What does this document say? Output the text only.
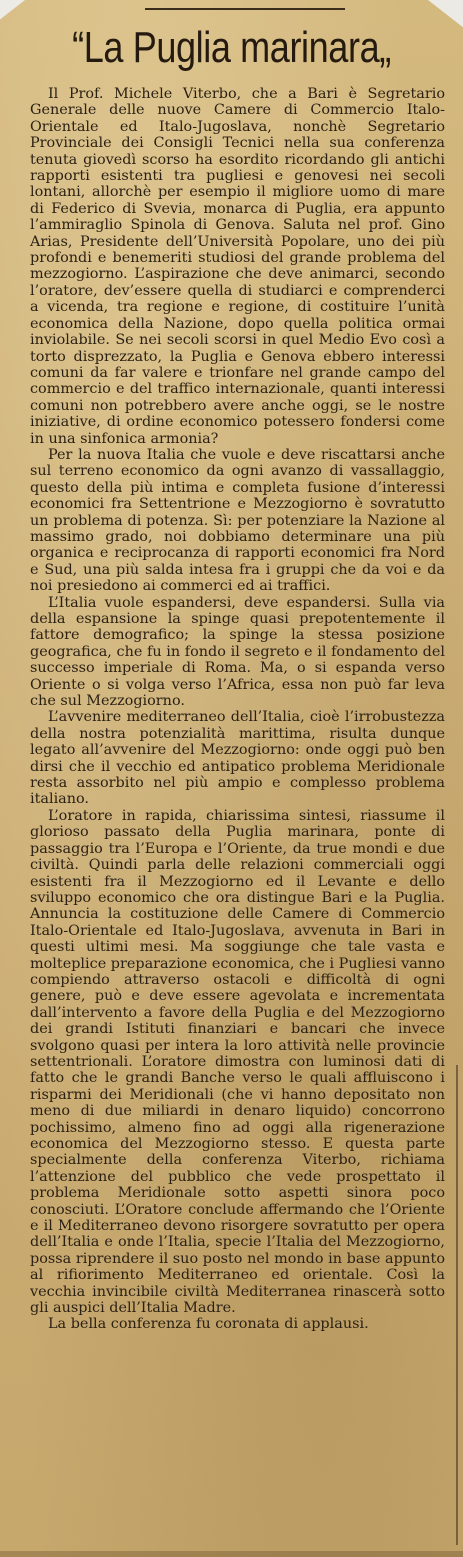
“La Puglia marinara„

Il Prof. Michele Viterbo, che a Bari è Segretario Generale delle nuove Camere di Commercio Italo-Orientale ed Italo-Jugoslava, nonchè Segretario Provinciale dei Consigli Tecnici nella sua conferenza tenuta giovedì scorso ha esordito ricordando gli antichi rapporti esistenti tra pugliesi e genovesi nei secoli lontani, allorchè per esempio il migliore uomo di mare di Federico di Svevia, monarca di Puglia, era appunto l’ammiraglio Spinola di Genova. Saluta nel prof. Gino Arias, Presidente dell’Università Popolare, uno dei più profondi e benemeriti studiosi del grande problema del mezzogiorno. L’aspirazione che deve animarci, secondo l’oratore, dev’essere quella di studiarci e comprenderci a vicenda, tra regione e regione, di costituire l’unità economica della Nazione, dopo quella politica ormai inviolabile. Se nei secoli scorsi in quel Medio Evo così a torto disprezzato, la Puglia e Genova ebbero interessi comuni da far valere e trionfare nel grande campo del commercio e del traffico internazionale, quanti interessi comuni non potrebbero avere anche oggi, se le nostre iniziative, di ordine economico potessero fondersi come in una sinfonica armonia?

Per la nuova Italia che vuole e deve riscattarsi anche sul terreno economico da ogni avanzo di vassallaggio, questo della più intima e completa fusione d’interessi economici fra Settentrione e Mezzogiorno è sovratutto un problema di potenza. Sì: per potenziare la Nazione al massimo grado, noi dobbiamo determinare una più organica e reciprocanza di rapporti economici fra Nord e Sud, una più salda intesa fra i gruppi che da voi e da noi presiedono ai commerci ed ai traffici.

L’Italia vuole espandersi, deve espandersi. Sulla via della espansione la spinge quasi prepotentemente il fattore demografico; la spinge la stessa posizione geografica, che fu in fondo il segreto e il fondamento del successo imperiale di Roma. Ma, o si espanda verso Oriente o si volga verso l’Africa, essa non può far leva che sul Mezzogiorno.

L’avvenire mediterraneo dell’Italia, cioè l’irrobustezza della nostra potenzialità marittima, risulta dunque legato all’avvenire del Mezzogiorno: onde oggi può ben dirsi che il vecchio ed antipatico problema Meridionale resta assorbito nel più ampio e complesso problema italiano.

L’oratore in rapida, chiarissima sintesi, riassume il glorioso passato della Puglia marinara, ponte di passaggio tra l’Europa e l’Oriente, da true mondi e due civiltà. Quindi parla delle relazioni commerciali oggi esistenti fra il Mezzogiorno ed il Levante e dello sviluppo economico che ora distingue Bari e la Puglia. Annuncia la costituzione delle Camere di Commercio Italo-Orientale ed Italo-Jugoslava, avvenuta in Bari in questi ultimi mesi. Ma soggiunge che tale vasta e molteplice preparazione economica, che i Pugliesi vanno compiendo attraverso ostacoli e difficoltà di ogni genere, può e deve essere agevolata e incrementata dall’intervento a favore della Puglia e del Mezzogiorno dei grandi Istituti finanziari e bancari che invece svolgono quasi per intera la loro attività nelle provincie settentrionali. L’oratore dimostra con luminosi dati di fatto che le grandi Banche verso le quali affluiscono i risparmi dei Meridionali (che vi hanno depositato non meno di due miliardi in denaro liquido) concorrono pochissimo, almeno fino ad oggi alla rigenerazione economica del Mezzogiorno stesso. E questa parte specialmente della conferenza Viterbo, richiama l’attenzione del pubblico che vede prospettato il problema Meridionale sotto aspetti sinora poco conosciuti. L’Oratore conclude affermando che l’Oriente e il Mediterraneo devono risorgere sovratutto per opera dell’Italia e onde l’Italia, specie l’Italia del Mezzogiorno, possa riprendere il suo posto nel mondo in base appunto al rifiorimento Mediterraneo ed orientale. Così la vecchia invincibile civiltà Mediterranea rinascerà sotto gli auspici dell’Italia Madre.

La bella conferenza fu coronata di applausi.
